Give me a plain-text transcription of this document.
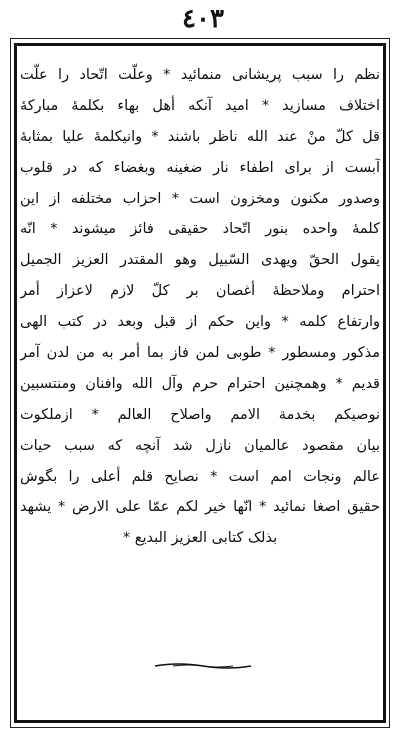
٤٠٣
نظم را سبب پریشانی منمائید * وعلّت اتّحاد را علّت
اختلاف مسازید * امید آنکه أهل بهاء بکلمهٔ مبارکهٔ
قل کلّ منْ عند الله ناظر باشند * وانیکلمهٔ علیا بمثابهٔ
آبست از برای اطفاء نار ضغینه وبغضاء که در قلوب
وصدور مکنون ومخزون است * احزاب مختلفه از این
کلمهٔ واحده بنور اتّحاد حقیقی فائز میشوند * انّه
یقول الحقّ ویهدی السّبیل وهو المقتدر العزیز الجمیل
احترام وملاحظهٔ أغصان بر کلّ لازم لاعزاز أمر
وارتفاع کلمه * واین حکم از قبل وبعد در کتب الهی
مذکور ومسطور * طوبی لمن فاز بما أمر به من لدن آمر
قدیم * وهمچنین احترام حرم وآل الله وافنان ومنتسبین
نوصیکم بخدمة الامم واصلاح العالم * ازملکوت
بیان مقصود عالمیان نازل شد آنچه که سبب حیات
عالم ونجات امم است * نصایح قلم أعلی را بگوش
حقیق اصغا نمائید * انّها خیر لکم عمّا علی الارض * یشهد
بذلک کتابی العزیز البدیع *
